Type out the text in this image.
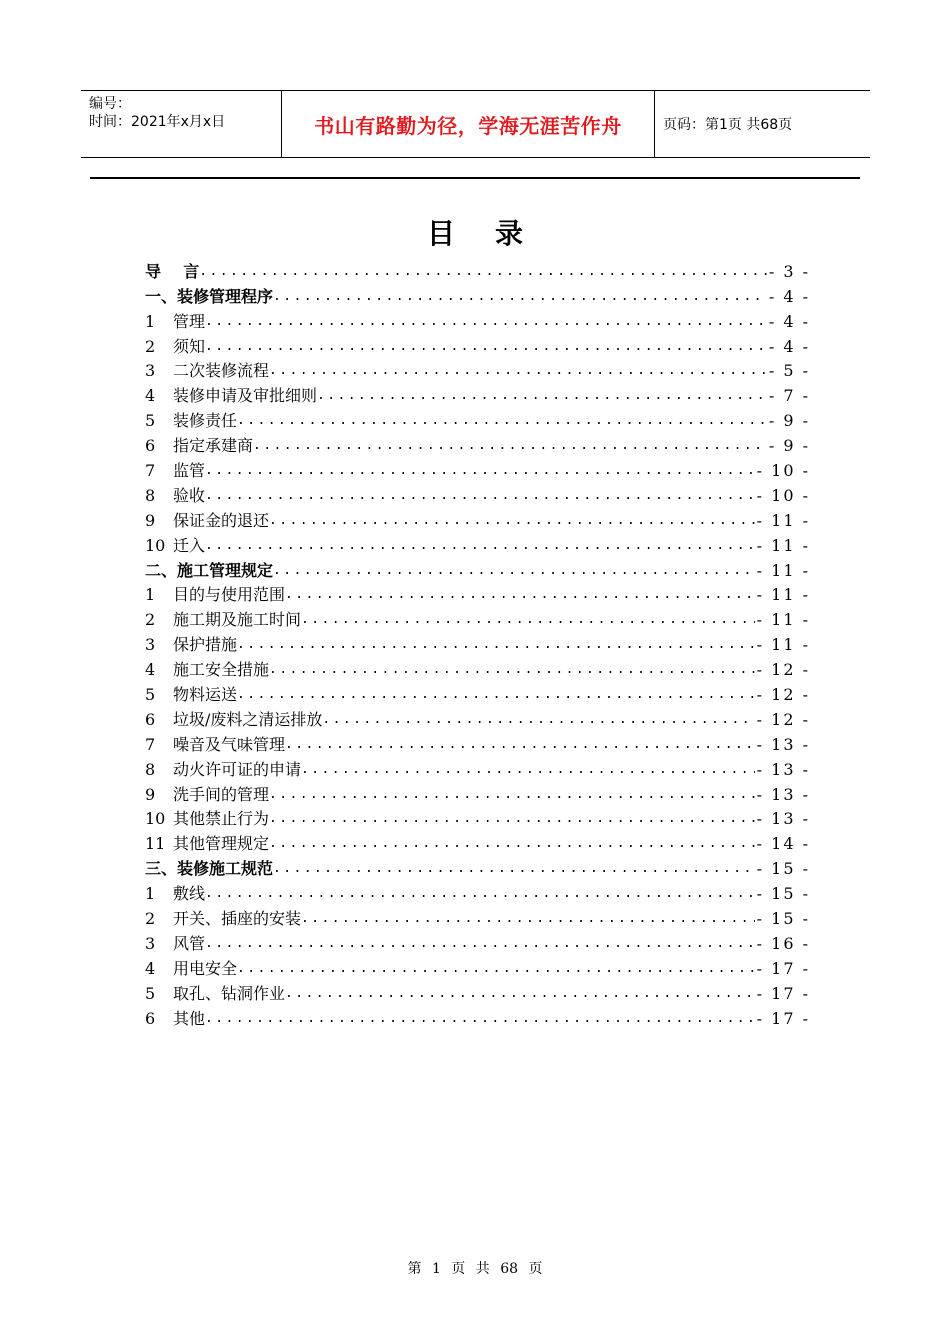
编号：
时间：2021年x月x日	书山有路勤为径，学海无涯苦作舟	页码：第1页 共68页
目录
导    言 .....	- 3 -
一、装修管理程序 .....	- 4 -
1 管理 .....	- 4 -
2 须知 .....	- 4 -
3 二次装修流程 .....	- 5 -
4 装修申请及审批细则 .....	- 7 -
5 装修责任 .....	- 9 -
6 指定承建商 .....	- 9 -
7 监管 .....	- 10 -
8 验收 .....	- 10 -
9 保证金的退还 .....	- 11 -
10 迁入 .....	- 11 -
二、施工管理规定 .....	- 11 -
1 目的与使用范围 .....	- 11 -
2 施工期及施工时间 .....	- 11 -
3 保护措施 .....	- 11 -
4 施工安全措施 .....	- 12 -
5 物料运送 .....	- 12 -
6 垃圾/废料之清运排放 .....	- 12 -
7 噪音及气味管理 .....	- 13 -
8 动火许可证的申请 .....	- 13 -
9 洗手间的管理 .....	- 13 -
10 其他禁止行为 .....	- 13 -
11 其他管理规定 .....	- 14 -
三、装修施工规范 .....	- 15 -
1 敷线 .....	- 15 -
2 开关、插座的安装 .....	- 15 -
3 风管 .....	- 16 -
4 用电安全 .....	- 17 -
5 取孔、钻洞作业 .....	- 17 -
6 其他 .....	- 17 -
第 1 页 共 68 页
